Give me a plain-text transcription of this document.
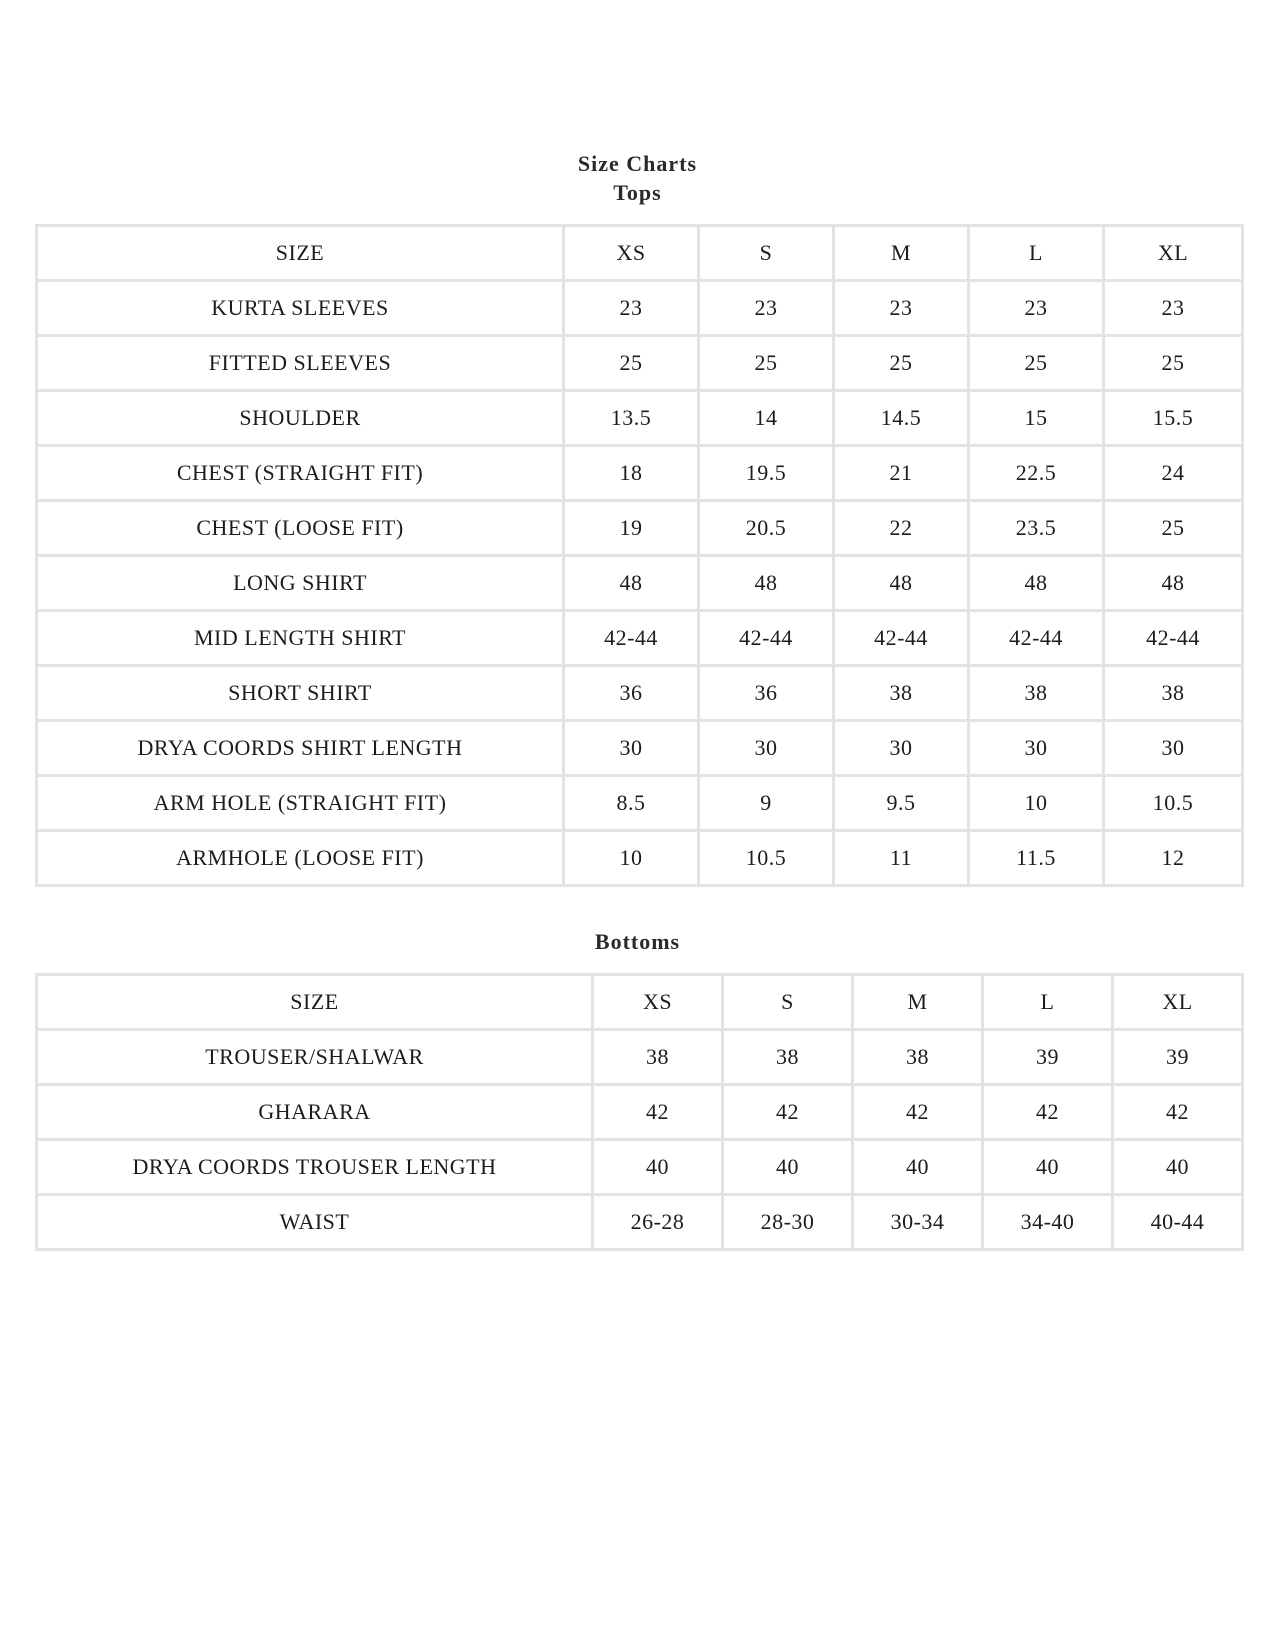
Size Charts
Tops
SIZE	XS	S	M	L	XL
KURTA SLEEVES	23	23	23	23	23
FITTED SLEEVES	25	25	25	25	25
SHOULDER	13.5	14	14.5	15	15.5
CHEST (STRAIGHT FIT)	18	19.5	21	22.5	24
CHEST (LOOSE FIT)	19	20.5	22	23.5	25
LONG SHIRT	48	48	48	48	48
MID LENGTH SHIRT	42-44	42-44	42-44	42-44	42-44
SHORT SHIRT	36	36	38	38	38
DRYA COORDS SHIRT LENGTH	30	30	30	30	30
ARM HOLE (STRAIGHT FIT)	8.5	9	9.5	10	10.5
ARMHOLE (LOOSE FIT)	10	10.5	11	11.5	12
Bottoms
SIZE	XS	S	M	L	XL
TROUSER/SHALWAR	38	38	38	39	39
GHARARA	42	42	42	42	42
DRYA COORDS TROUSER LENGTH	40	40	40	40	40
WAIST	26-28	28-30	30-34	34-40	40-44
